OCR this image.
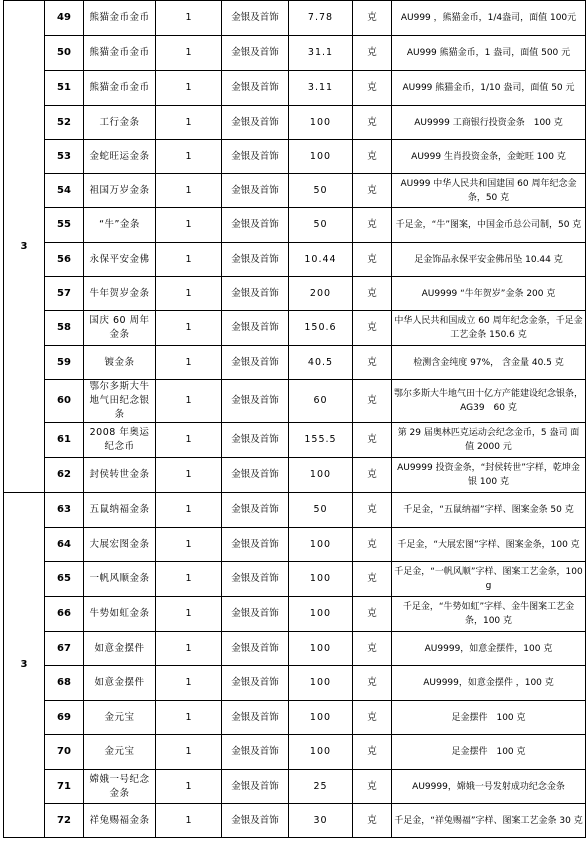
3	49	熊猫金币金币	1	金银及首饰	7.78	克	AU999 ，熊猫金币，1/4盎司，面值 100元
	50	熊猫金币金币	1	金银及首饰	31.1	克	AU999 熊猫金币，1 盎司，面值 500 元
	51	熊猫金币金币	1	金银及首饰	3.11	克	AU999 熊猫金币，1/10 盎司，面值 50 元
	52	工行金条	1	金银及首饰	100	克	AU9999 工商银行投资金条　100 克
	53	金蛇旺运金条	1	金银及首饰	100	克	AU999 生肖投资金条，金蛇旺 100 克
	54	祖国万岁金条	1	金银及首饰	50	克	AU999 中华人民共和国建国 60 周年纪念金条，50 克
	55	“牛”金条	1	金银及首饰	50	克	千足金，“牛”图案，中国金币总公司制，50 克
	56	永保平安金佛	1	金银及首饰	10.44	克	足金饰品永保平安金佛吊坠 10.44 克
	57	牛年贺岁金条	1	金银及首饰	200	克	AU9999 “牛年贺岁”金条 200 克
	58	国庆 60 周年金条	1	金银及首饰	150.6	克	中华人民共和国成立 60 周年纪念金条，千足金工艺金条 150.6 克
	59	镀金条	1	金银及首饰	40.5	克	检测含金纯度 97%， 含金量 40.5 克
	60	鄂尔多斯大牛地气田纪念银条	1	金银及首饰	60	克	鄂尔多斯大牛地气田十亿方产能建设纪念银条，AG39　60 克
	61	2008 年奥运纪念币	1	金银及首饰	155.5	克	第 29 届奥林匹克运动会纪念金币，5 盎司 面值 2000 元
	62	封侯转世金条	1	金银及首饰	100	克	AU9999 投资金条，“封侯转世”字样，乾坤金银 100 克
3	63	五鼠纳福金条	1	金银及首饰	50	克	千足金，“五鼠纳福”字样、图案金条 50 克
	64	大展宏图金条	1	金银及首饰	100	克	千足金，“大展宏图”字样、图案金条，100 克
	65	一帆风顺金条	1	金银及首饰	100	克	千足金，“一帆风顺”字样、图案工艺金条，100g
	66	牛势如虹金条	1	金银及首饰	100	克	千足金，“牛势如虹”字样、金牛图案工艺金条，100 克
	67	如意金摆件	1	金银及首饰	100	克	AU9999，如意金摆件，100 克
	68	如意金摆件	1	金银及首饰	100	克	AU9999，如意金摆件 ，100 克
	69	金元宝	1	金银及首饰	100	克	足金摆件　100 克
	70	金元宝	1	金银及首饰	100	克	足金摆件　100 克
	71	嫦娥一号纪念金条	1	金银及首饰	25	克	AU9999，嫦娥一号发射成功纪念金条
	72	祥兔赐福金条	1	金银及首饰	30	克	千足金，“祥兔赐福”字样、图案工艺金条 30 克
